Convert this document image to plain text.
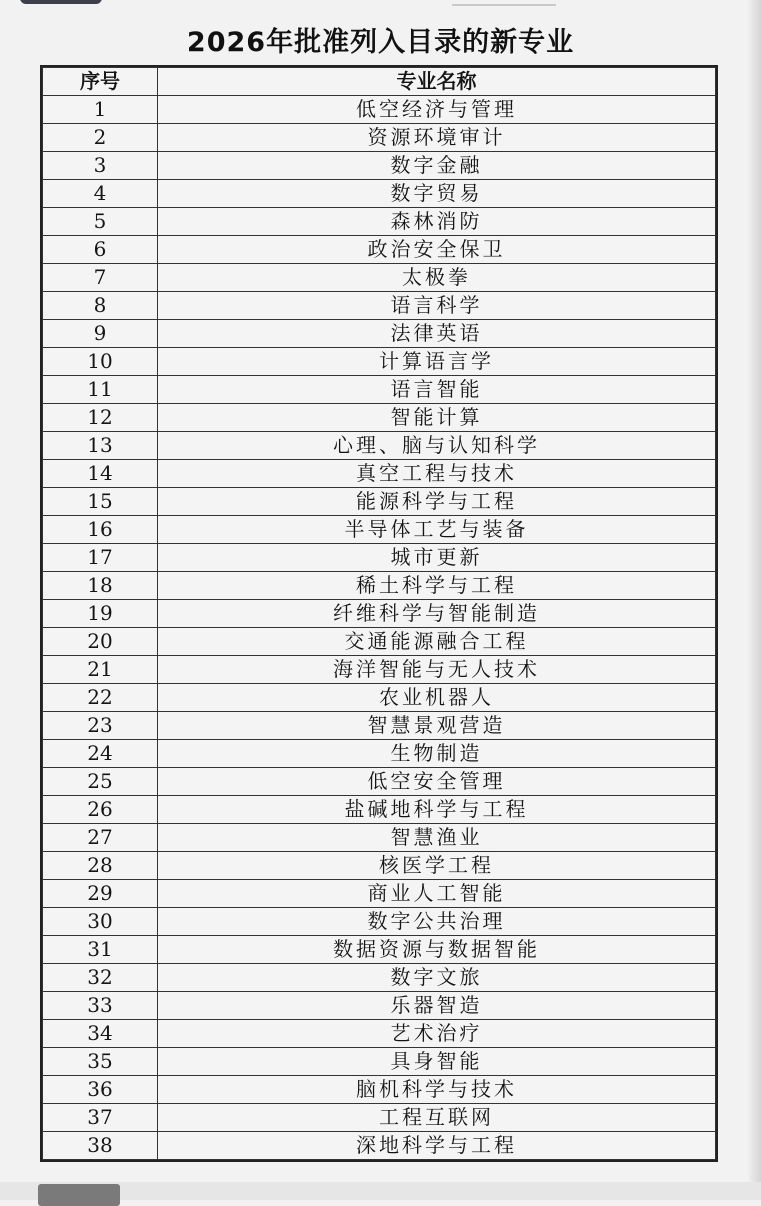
2026年批准列入目录的新专业
序号	专业名称
1	低空经济与管理
2	资源环境审计
3	数字金融
4	数字贸易
5	森林消防
6	政治安全保卫
7	太极拳
8	语言科学
9	法律英语
10	计算语言学
11	语言智能
12	智能计算
13	心理、脑与认知科学
14	真空工程与技术
15	能源科学与工程
16	半导体工艺与装备
17	城市更新
18	稀土科学与工程
19	纤维科学与智能制造
20	交通能源融合工程
21	海洋智能与无人技术
22	农业机器人
23	智慧景观营造
24	生物制造
25	低空安全管理
26	盐碱地科学与工程
27	智慧渔业
28	核医学工程
29	商业人工智能
30	数字公共治理
31	数据资源与数据智能
32	数字文旅
33	乐器智造
34	艺术治疗
35	具身智能
36	脑机科学与技术
37	工程互联网
38	深地科学与工程
